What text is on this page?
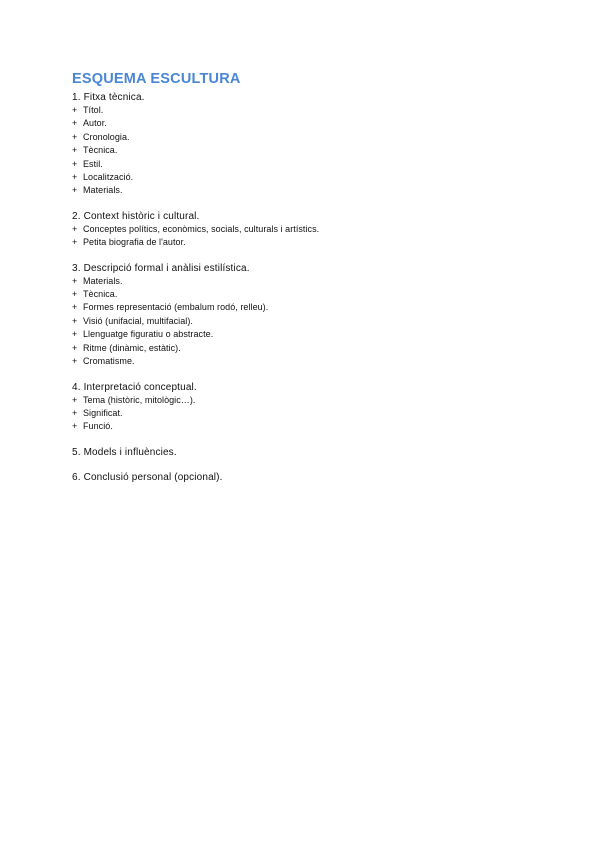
ESQUEMA ESCULTURA

1. Fitxa tècnica.

+ Títol.
+ Autor.
+ Cronologia.
+ Tècnica.
+ Estil.
+ Localització.
+ Materials.

2. Context històric i cultural.

+ Conceptes polítics, econòmics, socials, culturals i artístics.
+ Petita biografia de l'autor.

3. Descripció formal i anàlisi estilística.

+ Materials.
+ Tècnica.
+ Formes representació (embalum rodó, relleu).
+ Visió (unifacial, multifacial).
+ Llenguatge figuratiu o abstracte.
+ Ritme (dinàmic, estàtic).
+ Cromatisme.

4. Interpretació conceptual.

+ Tema (històric, mitològic…).
+ Significat.
+ Funció.

5. Models i influències.

6. Conclusió personal (opcional).
